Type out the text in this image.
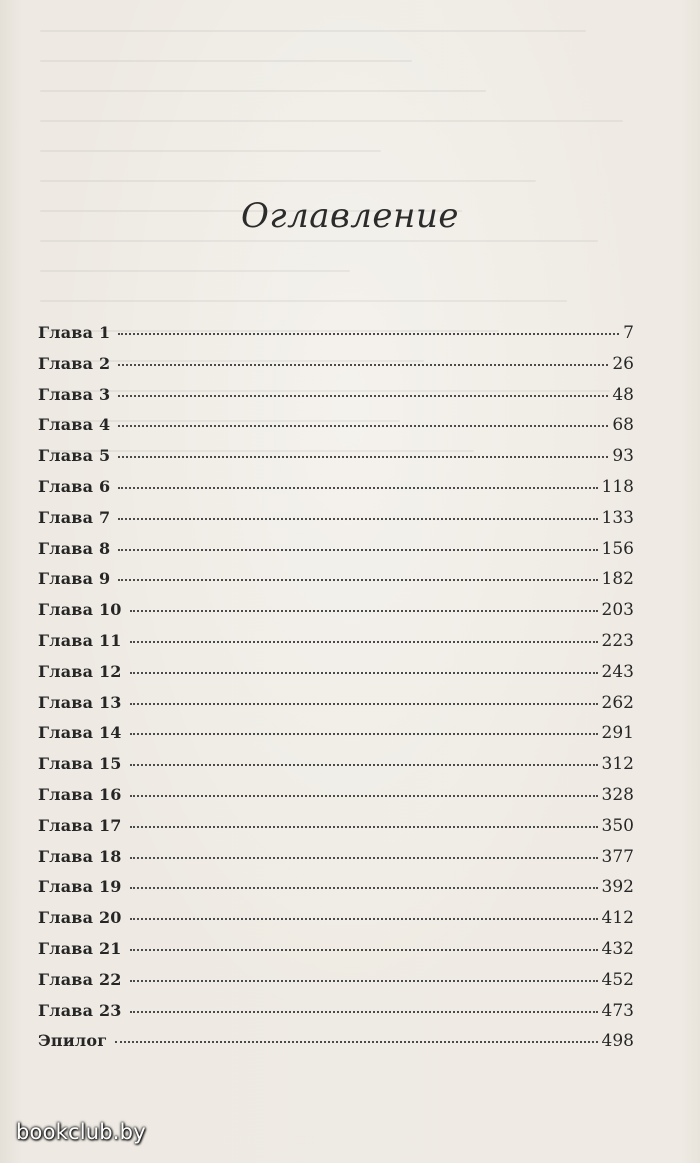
Оглавление
Глава 1	7
Глава 2	26
Глава 3	48
Глава 4	68
Глава 5	93
Глава 6	118
Глава 7	133
Глава 8	156
Глава 9	182
Глава 10	203
Глава 11	223
Глава 12	243
Глава 13	262
Глава 14	291
Глава 15	312
Глава 16	328
Глава 17	350
Глава 18	377
Глава 19	392
Глава 20	412
Глава 21	432
Глава 22	452
Глава 23	473
Эпилог	498
bookclub.by
